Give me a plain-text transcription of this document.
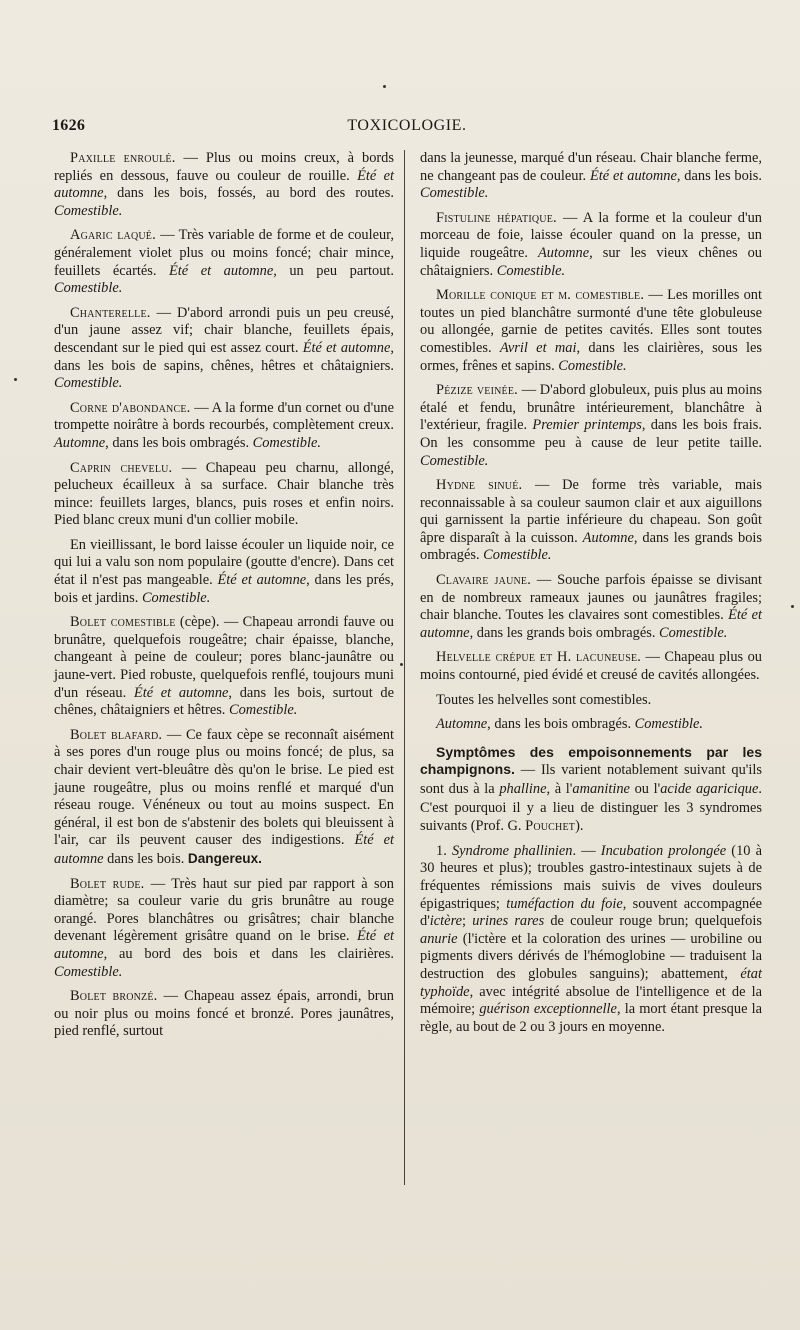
1626	TOXICOLOGIE.

Paxille enroulé. — Plus ou moins creux, à bords repliés en dessous, fauve ou couleur de rouille. Été et automne, dans les bois, fossés, au bord des routes. Comestible.

Agaric laqué. — Très variable de forme et de couleur, généralement violet plus ou moins foncé; chair mince, feuillets écartés. Été et automne, un peu partout. Comestible.

Chanterelle. — D'abord arrondi puis un peu creusé, d'un jaune assez vif; chair blanche, feuillets épais, descendant sur le pied qui est assez court. Été et automne, dans les bois de sapins, chênes, hêtres et châtaigniers. Comestible.

Corne d'abondance. — A la forme d'un cornet ou d'une trompette noirâtre à bords recourbés, complètement creux. Automne, dans les bois ombragés. Comestible.

Caprin chevelu. — Chapeau peu charnu, allongé, pelucheux écailleux à sa surface. Chair blanche très mince: feuillets larges, blancs, puis roses et enfin noirs. Pied blanc creux muni d'un collier mobile.

En vieillissant, le bord laisse écouler un liquide noir, ce qui lui a valu son nom populaire (goutte d'encre). Dans cet état il n'est pas mangeable. Été et automne, dans les prés, bois et jardins. Comestible.

Bolet comestible (cèpe). — Chapeau arrondi fauve ou brunâtre, quelquefois rougeâtre; chair épaisse, blanche, changeant à peine de couleur; pores blanc-jaunâtre ou jaune-vert. Pied robuste, quelquefois renflé, toujours muni d'un réseau. Été et automne, dans les bois, surtout de chênes, châtaigniers et hêtres. Comestible.

Bolet blafard. — Ce faux cèpe se reconnaît aisément à ses pores d'un rouge plus ou moins foncé; de plus, sa chair devient vert-bleuâtre dès qu'on le brise. Le pied est jaune rougeâtre, plus ou moins renflé et marqué d'un réseau rouge. Vénéneux ou tout au moins suspect. En général, il est bon de s'abstenir des bolets qui bleuissent à l'air, car ils peuvent causer des indigestions. Été et automne dans les bois. Dangereux.

Bolet rude. — Très haut sur pied par rapport à son diamètre; sa couleur varie du gris brunâtre au rouge orangé. Pores blanchâtres ou grisâtres; chair blanche devenant légèrement grisâtre quand on le brise. Été et automne, au bord des bois et dans les clairières. Comestible.

Bolet bronzé. — Chapeau assez épais, arrondi, brun ou noir plus ou moins foncé et bronzé. Pores jaunâtres, pied renflé, surtout

dans la jeunesse, marqué d'un réseau. Chair blanche ferme, ne changeant pas de couleur. Été et automne, dans les bois. Comestible.

Fistuline hépatique. — A la forme et la couleur d'un morceau de foie, laisse écouler quand on la presse, un liquide rougeâtre. Automne, sur les vieux chênes ou châtaigniers. Comestible.

Morille conique et m. comestible. — Les morilles ont toutes un pied blanchâtre surmonté d'une tête globuleuse ou allongée, garnie de petites cavités. Elles sont toutes comestibles. Avril et mai, dans les clairières, sous les ormes, frênes et sapins. Comestible.

Pézize veinée. — D'abord globuleux, puis plus au moins étalé et fendu, brunâtre intérieurement, blanchâtre à l'extérieur, fragile. Premier printemps, dans les bois frais. On les consomme peu à cause de leur petite taille. Comestible.

Hydne sinué. — De forme très variable, mais reconnaissable à sa couleur saumon clair et aux aiguillons qui garnissent la partie inférieure du chapeau. Son goût âpre disparaît à la cuisson. Automne, dans les grands bois ombragés. Comestible.

Clavaire jaune. — Souche parfois épaisse se divisant en de nombreux rameaux jaunes ou jaunâtres fragiles; chair blanche. Toutes les clavaires sont comestibles. Été et automne, dans les grands bois ombragés. Comestible.

Helvelle crépue et H. lacuneuse. — Chapeau plus ou moins contourné, pied évidé et creusé de cavités allongées.

Toutes les helvelles sont comestibles.

Automne, dans les bois ombragés. Comestible.

Symptômes des empoisonnements par les champignons. — Ils varient notablement suivant qu'ils sont dus à la phalline, à l'amanitine ou l'acide agaricique. C'est pourquoi il y a lieu de distinguer les 3 syndromes suivants (Prof. G. Pouchet).

1. Syndrome phallinien. — Incubation prolongée (10 à 30 heures et plus); troubles gastro-intestinaux sujets à de fréquentes rémissions mais suivis de vives douleurs épigastriques; tuméfaction du foie, souvent accompagnée d'ictère; urines rares de couleur rouge brun; quelquefois anurie (l'ictère et la coloration des urines — urobiline ou pigments divers dérivés de l'hémoglobine — traduisent la destruction des globules sanguins); abattement, état typhoïde, avec intégrité absolue de l'intelligence et de la mémoire; guérison exceptionnelle, la mort étant presque la règle, au bout de 2 ou 3 jours en moyenne.
